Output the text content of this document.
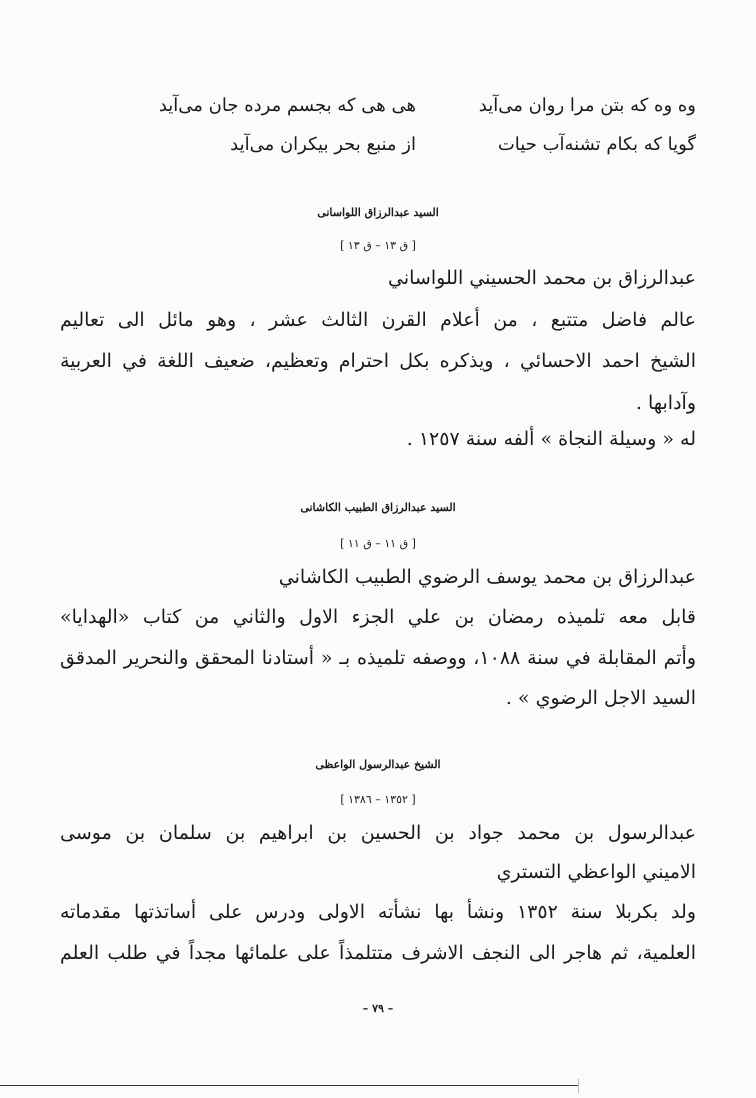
وه وه که بتن مرا روان می‌آید
هی هی که بجسم مرده جان می‌آید
گویا که بکام تشنه‌آب حیات
از منبع بحر بیکران می‌آید
السيد عبدالرزاق اللواسانى
[ ق ١٣ – ق ١٣ ]
عبدالرزاق بن محمد الحسيني اللواساني
عالم فاضل متتبع ، من أعلام القرن الثالث عشر ، وهو مائل الى تعاليم
الشيخ احمد الاحسائي ، ويذكره بكل احترام وتعظيم، ضعيف اللغة في العربية
وآدابها .
له « وسيلة النجاة » ألفه سنة ١٢٥٧ .
السيد عبدالرزاق الطبيب الكاشانى
[ ق ١١ – ق ١١ ]
عبدالرزاق بن محمد يوسف الرضوي الطبيب الكاشاني
قابل معه تلميذه رمضان بن علي الجزء الاول والثاني من كتاب «الهدايا»
وأتم المقابلة في سنة ١٠٨٨، ووصفه تلميذه بـ « أستادنا المحقق والنحرير المدقق
السيد الاجل الرضوي » .
الشيخ عبدالرسول الواعظى
[ ١٣٥٢ – ١٣٨٦ ]
عبدالرسول بن محمد جواد بن الحسين بن ابراهيم بن سلمان بن موسى
الاميني الواعظي التستري
ولد بكربلا سنة ١٣٥٢ ونشأ بها نشأته الاولى ودرس على أساتذتها مقدماته
العلمية، ثم هاجر الى النجف الاشرف متتلمذاً على علمائها مجداً في طلب العلم
– ٧٩ –
